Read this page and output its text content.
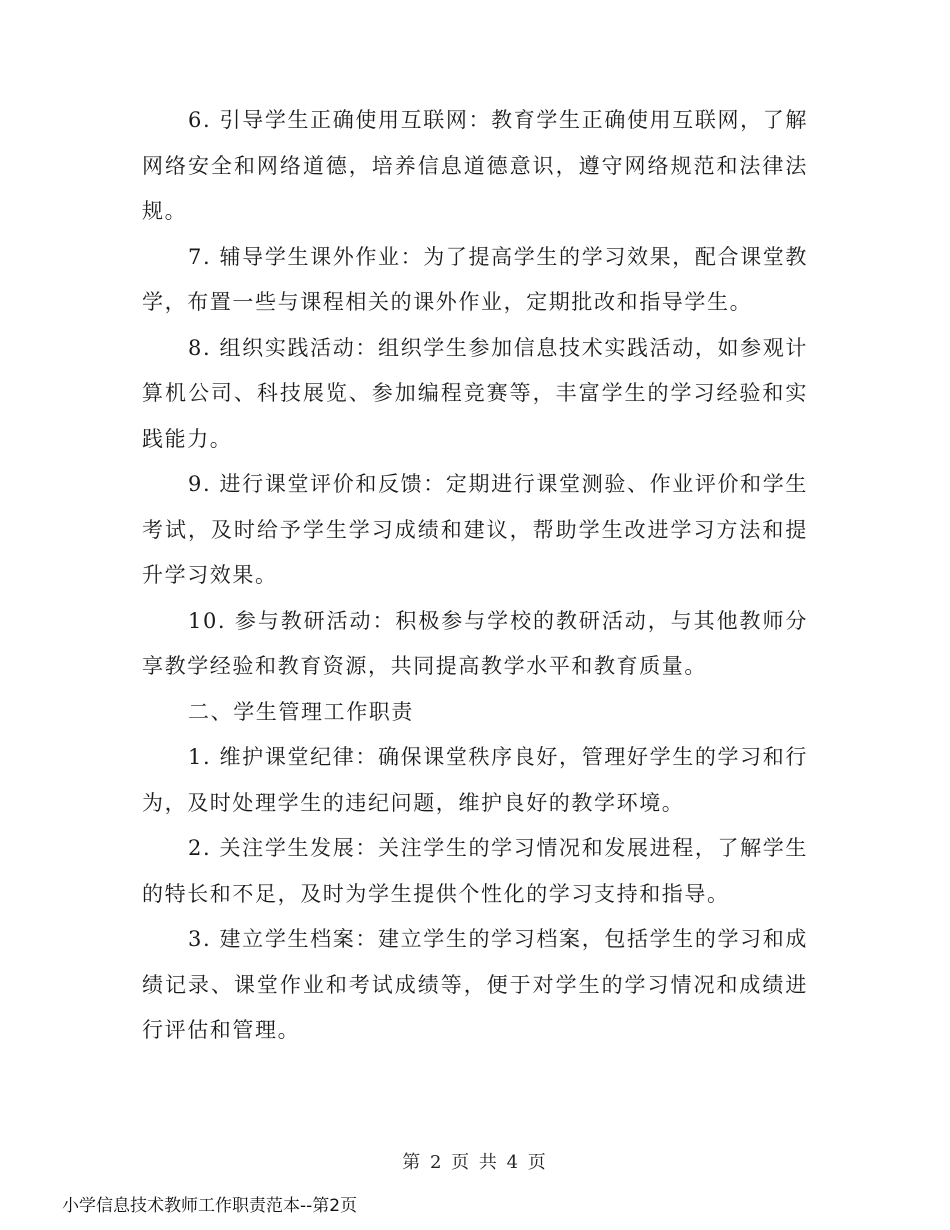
6. 引导学生正确使用互联网：教育学生正确使用互联网，了解网络安全和网络道德，培养信息道德意识，遵守网络规范和法律法规。

7. 辅导学生课外作业：为了提高学生的学习效果，配合课堂教学，布置一些与课程相关的课外作业，定期批改和指导学生。

8. 组织实践活动：组织学生参加信息技术实践活动，如参观计算机公司、科技展览、参加编程竞赛等，丰富学生的学习经验和实践能力。

9. 进行课堂评价和反馈：定期进行课堂测验、作业评价和学生考试，及时给予学生学习成绩和建议，帮助学生改进学习方法和提升学习效果。

10. 参与教研活动：积极参与学校的教研活动，与其他教师分享教学经验和教育资源，共同提高教学水平和教育质量。

二、学生管理工作职责

1. 维护课堂纪律：确保课堂秩序良好，管理好学生的学习和行为，及时处理学生的违纪问题，维护良好的教学环境。

2. 关注学生发展：关注学生的学习情况和发展进程，了解学生的特长和不足，及时为学生提供个性化的学习支持和指导。

3. 建立学生档案：建立学生的学习档案，包括学生的学习和成绩记录、课堂作业和考试成绩等，便于对学生的学习情况和成绩进行评估和管理。

第 2 页 共 4 页
小学信息技术教师工作职责范本--第2页
